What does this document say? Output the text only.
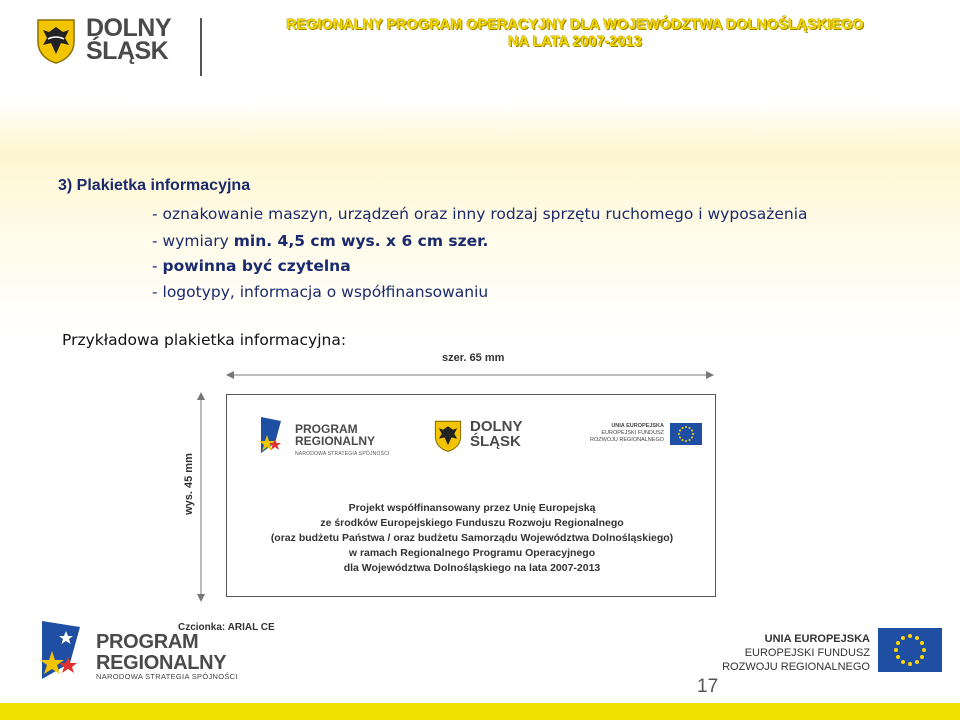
DOLNY
ŚLĄSK
REGIONALNY PROGRAM OPERACYJNY DLA WOJEWÓDZTWA DOLNOŚLĄSKIEGO
NA LATA 2007-2013
3) Plakietka informacyjna
- oznakowanie maszyn, urządzeń oraz inny rodzaj sprzętu ruchomego i wyposażenia
- wymiary min. 4,5 cm wys. x 6 cm szer.
- powinna być czytelna
- logotypy, informacja o współfinansowaniu
Przykładowa plakietka informacyjna:
szer. 65 mm
wys. 45 mm
PROGRAM
REGIONALNY
NARODOWA STRATEGIA SPÓJNOŚCI
DOLNY
ŚLĄSK
UNIA EUROPEJSKA
EUROPEJSKI FUNDUSZ
ROZWOJU REGIONALNEGO
Projekt współfinansowany przez Unię Europejską
ze środków Europejskiego Funduszu Rozwoju Regionalnego
(oraz budżetu Państwa / oraz budżetu Samorządu Województwa Dolnośląskiego)
w ramach Regionalnego Programu Operacyjnego
dla Województwa Dolnośląskiego na lata 2007-2013
Czcionka: ARIAL CE
PROGRAM
REGIONALNY
NARODOWA STRATEGIA SPÓJNOŚCI
UNIA EUROPEJSKA
EUROPEJSKI FUNDUSZ
ROZWOJU REGIONALNEGO
17
